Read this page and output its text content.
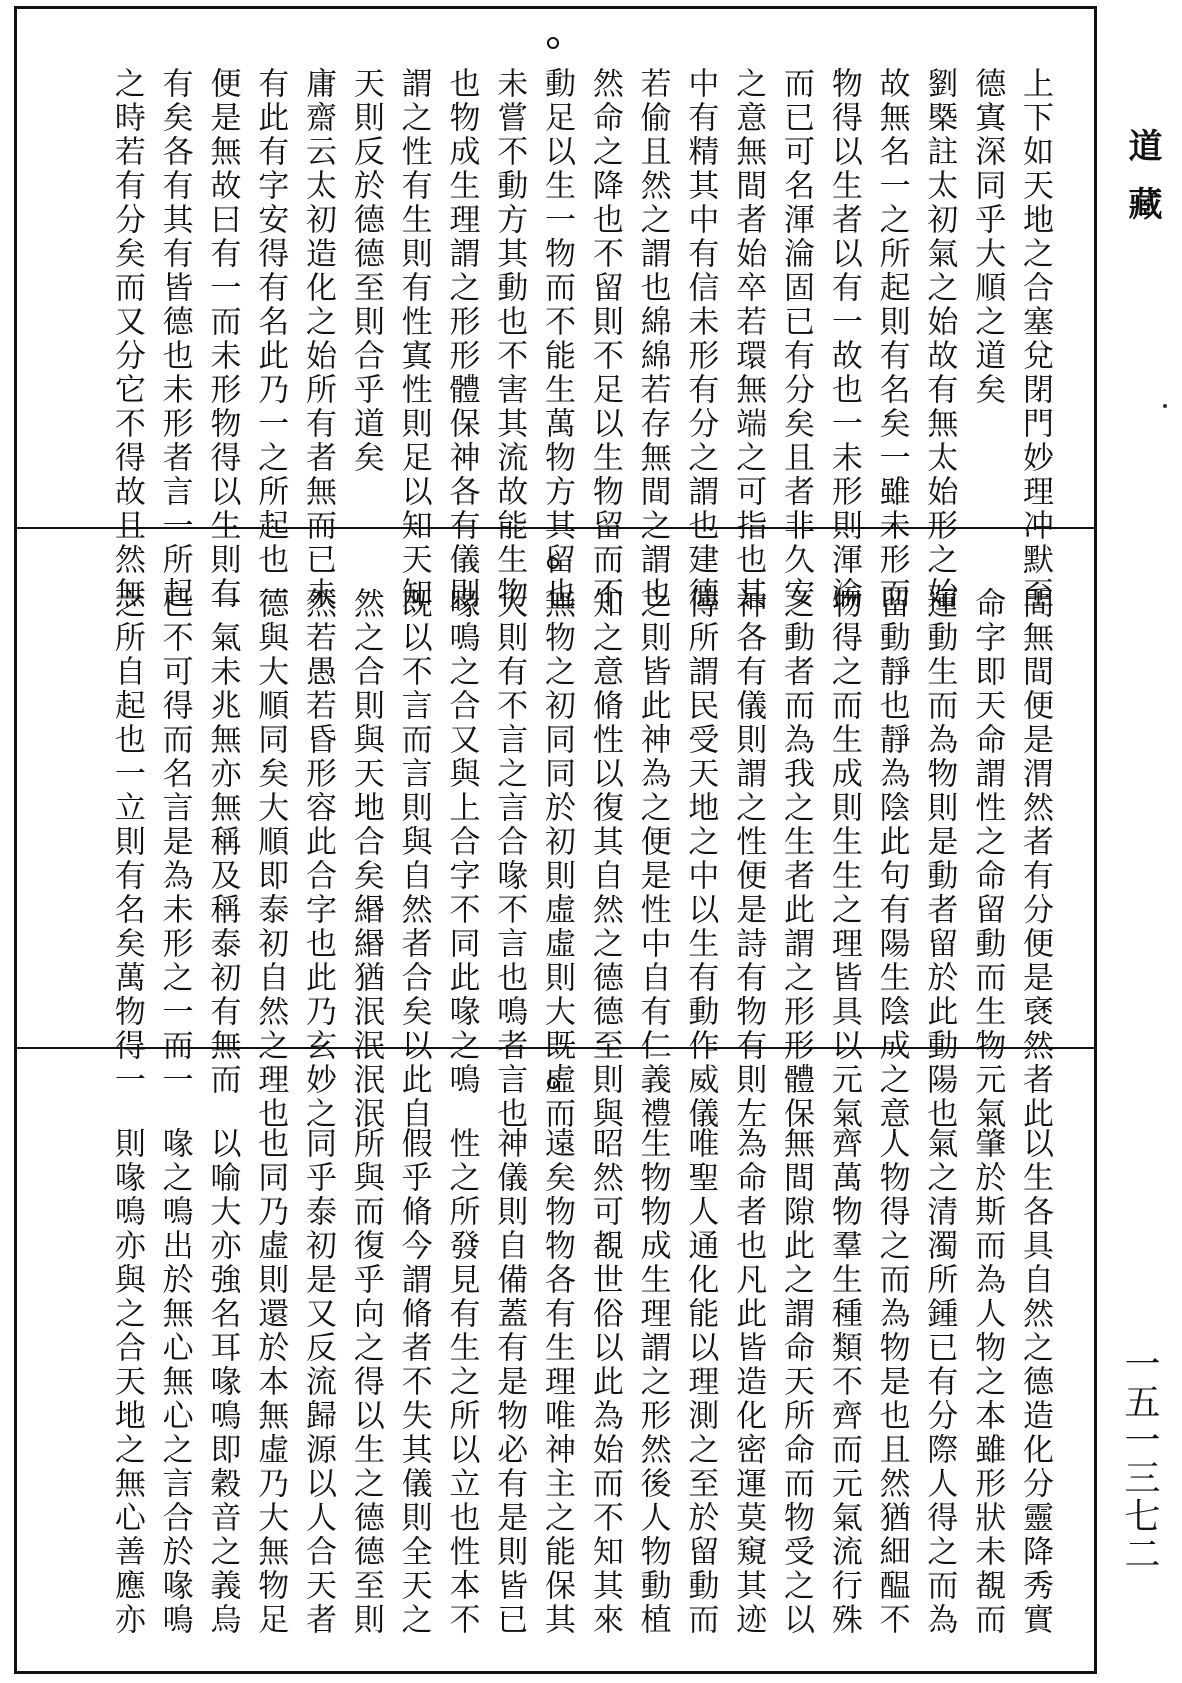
上下如天地之合塞兌閉門妙理冲默至
德寘深同乎大順之道矣
劉槩註太初氣之始故有無太始形之始
故無名一之所起則有名矣一雖未形而
物得以生者以有一故也一未形則渾淪
而已可名渾淪固已有分矣且者非久安
之意無間者始卒若環無端之可指也其
中有精其中有信未形有分之謂也建德
若偷且然之謂也綿綿若存無間之謂也
然命之降也不留則不足以生物留而不
動足以生一物而不能生萬物方其留也
未嘗不動方其動也不害其流故能生物
也物成生理謂之形形體保神各有儀則
謂之性有生則有性寘性則足以知天知
天則反於德德至則合乎道矣
庸齋云太初造化之始所有者無而已未
有此有字安得有名此乃一之所起也一
便是無故曰有一而未形物得以生則有
有矣各有其有皆德也未形者言一所起
之時若有分矣而又分它不得故且然無
間無間便是渭然者有分便是褎然者此
命字即天命謂性之命留動而生物元氣
運動生而為物則是動者留於此動陽也
留動靜也靜為陰此句有陽生陰成之意
物得之而生成則生生之理皆具以元氣
之動者而為我之生者此謂之形形體保
神各有儀則謂之性便是詩有物有則左
傳所謂民受天地之中以生有動作威儀
之則皆此神為之便是性中自有仁義禮
知之意脩性以復其自然之德德至則與
無物之初同同於初則虛虛則大既虛而
大則有不言之言合喙不言也鳴者言也
喙鳴之合又與上合字不同此喙之鳴
既以不言而言則與自然者合矣以此自
然之合則與天地合矣緡緡猶泯泯泯泯
然若愚若昏形容此合字也此乃玄妙之
德與大順同矣大順即泰初自然之理也
一氣未兆無亦無稱及稱泰初有無而
已不可得而名言是為未形之一而一
之所自起也一立則有名矣萬物得一
以生各具自然之德造化分靈降秀實
肇於斯而為人物之本雖形狀未覩而
氣之清濁所鍾已有分際人得之而為
人物得之而為物是也且然猶細醖不
齊萬物羣生種類不齊而元氣流行殊
無間隙此之謂命天所命而物受之以
為命者也凡此皆造化密運莫窺其迹
唯聖人通化能以理測之至於留動而
生物物成生理謂之形然後人物動植
昭然可覩世俗以此為始而不知其來
遠矣物物各有生理唯神主之能保其
神儀則自備蓋有是物必有是則皆已
性之所發見有生之所以立也性本不
假乎脩今謂脩者不失其儀則全天之
所與而復乎向之得以生之德德至則
同乎泰初是又反流歸源以人合天者
也同乃虛則還於本無虛乃大無物足
以喻大亦強名耳喙鳴即穀音之義烏
喙之鳴出於無心無心之言合於喙鳴
則喙鳴亦與之合天地之無心善應亦
道藏
一五一三七二
